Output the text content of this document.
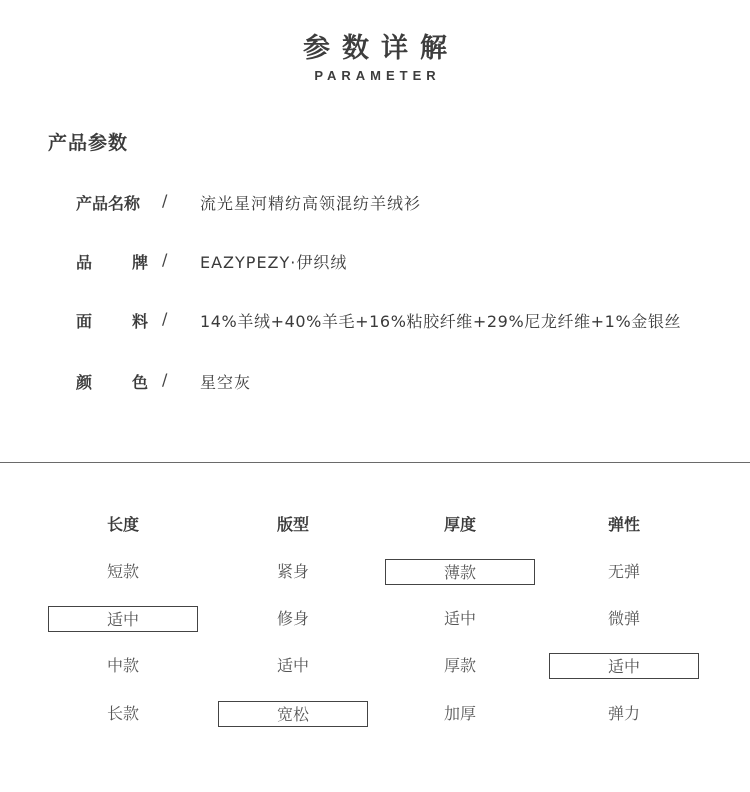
参数详解
PARAMETER
产品参数
产品名称 / 流光星河精纺高领混纺羊绒衫
品 牌 / EAZYPEZY·伊织绒
面 料 / 14%羊绒+40%羊毛+16%粘胶纤维+29%尼龙纤维+1%金银丝
颜 色 / 星空灰
长度
短款
适中
中款
长款
版型
紧身
修身
适中
宽松
厚度
薄款
适中
厚款
加厚
弹性
无弹
微弹
适中
弹力
